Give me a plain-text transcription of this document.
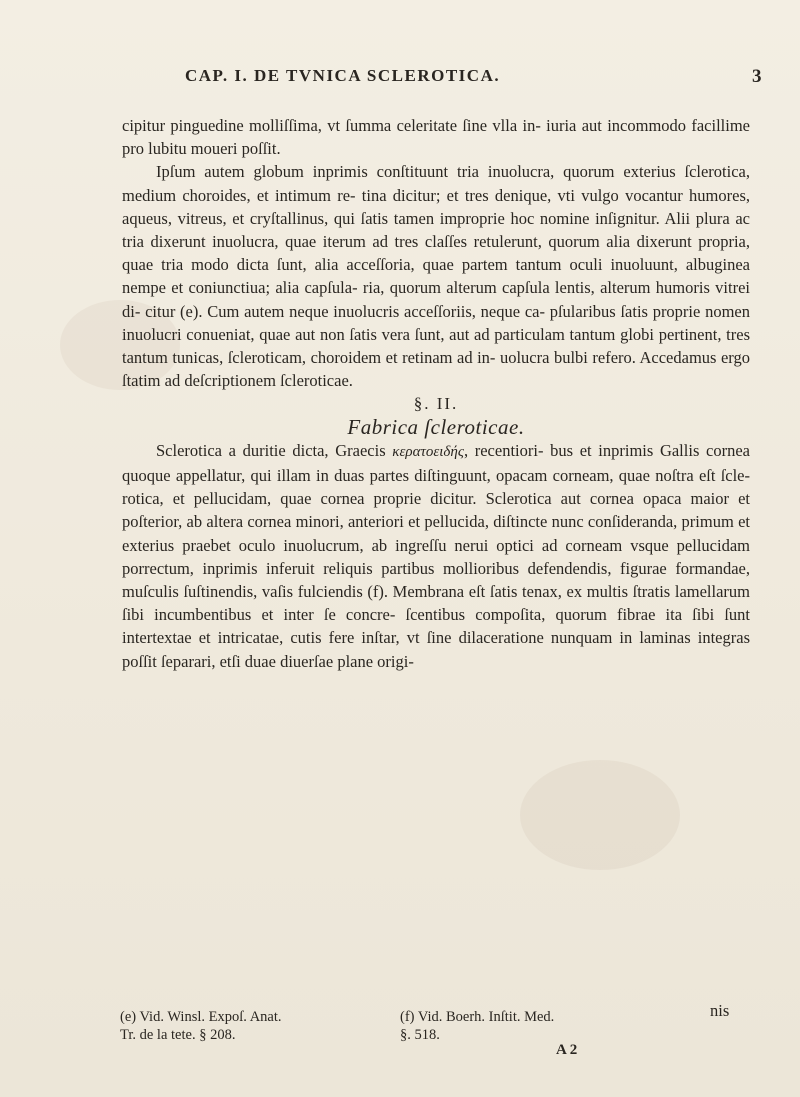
CAP. I. DE TVNICA SCLEROTICA.	3

cipitur pinguedine molliſſima, vt ſumma celeritate ſine vlla in- iuria aut incommodo facillime pro lubitu moueri poſſit.

Ipſum autem globum inprimis conſtituunt tria inuolucra, quorum exterius ſclerotica, medium choroides, et intimum re- tina dicitur; et tres denique, vti vulgo vocantur humores, aqueus, vitreus, et cryſtallinus, qui ſatis tamen improprie hoc nomine inſignitur. Alii plura ac tria dixerunt inuolucra, quae iterum ad tres claſſes retulerunt, quorum alia dixerunt propria, quae tria modo dicta ſunt, alia acceſſoria, quae partem tantum oculi inuoluunt, albuginea nempe et coniunctiua; alia capſula- ria, quorum alterum capſula lentis, alterum humoris vitrei di- citur (e). Cum autem neque inuolucris acceſſoriis, neque ca- pſularibus ſatis proprie nomen inuolucri conueniat, quae aut non ſatis vera ſunt, aut ad particulam tantum globi pertinent, tres tantum tunicas, ſcleroticam, choroidem et retinam ad in- uolucra bulbi refero. Accedamus ergo ſtatim ad deſcriptionem ſcleroticae.

§. II.

Fabrica ſcleroticae.

Sclerotica a duritie dicta, Graecis κερατοειδής, recentiori- bus et inprimis Gallis cornea quoque appellatur, qui illam in duas partes diſtinguunt, opacam corneam, quae noſtra eſt ſcle- rotica, et pellucidam, quae cornea proprie dicitur. Sclerotica aut cornea opaca maior et poſterior, ab altera cornea minori, anteriori et pellucida, diſtincte nunc conſideranda, primum et exterius praebet oculo inuolucrum, ab ingreſſu nerui optici ad corneam vsque pellucidam porrectum, inprimis inferuit reliquis partibus mollioribus defendendis, figurae formandae, muſculis ſuſtinendis, vaſis fulciendis (f). Membrana eſt ſatis tenax, ex multis ſtratis lamellarum ſibi incumbentibus et inter ſe concre- ſcentibus compoſita, quorum fibrae ita ſibi ſunt intertextae et intricatae, cutis fere inſtar, vt ſine dilaceratione nunquam in laminas integras poſſit ſeparari, etſi duae diuerſae plane origi-

nis
(e) Vid. Winsl. Expoſ. Anat.	(f) Vid. Boerh. Inſtit. Med.
Tr. de la tete. § 208.	§. 518.
A 2
